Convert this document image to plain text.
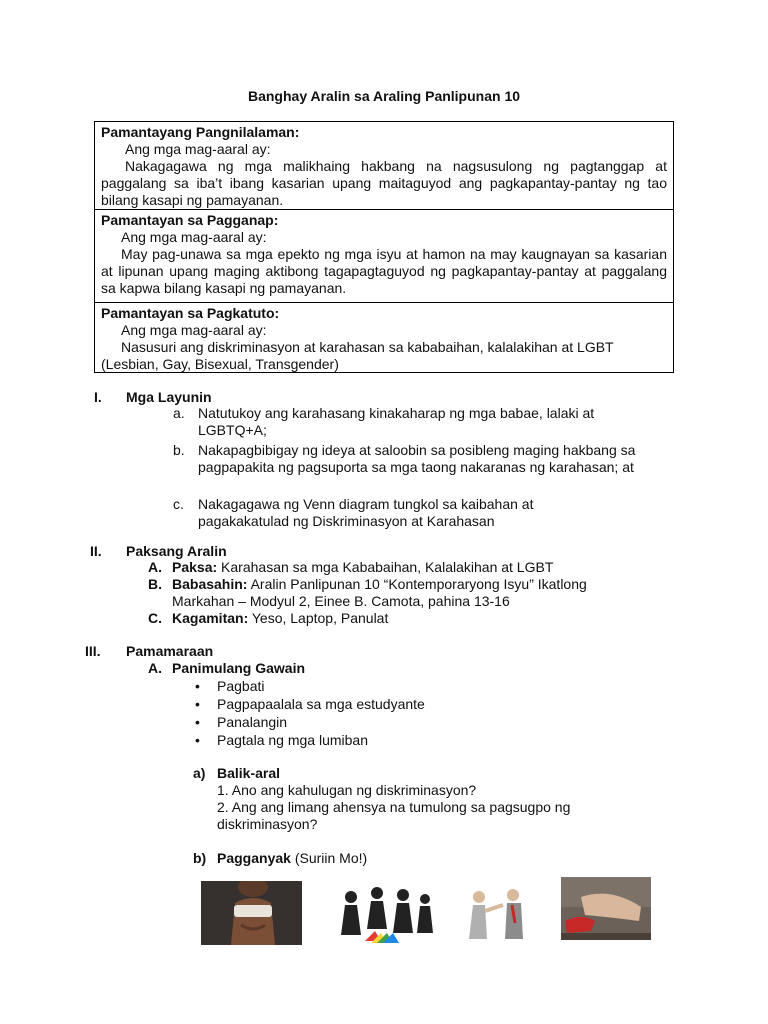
Banghay Aralin sa Araling Panlipunan 10
Pamantayang Pangnilalaman:
Ang mga mag-aaral ay:
Nakagagawa ng mga malikhaing hakbang na nagsusulong ng pagtanggap at paggalang sa iba’t ibang kasarian upang maitaguyod ang pagkapantay-pantay ng tao bilang kasapi ng pamayanan.
Pamantayan sa Pagganap:
Ang mga mag-aaral ay:
May pag-unawa sa mga epekto ng mga isyu at hamon na may kaugnayan sa kasarian at lipunan upang maging aktibong tagapagtaguyod ng pagkapantay-pantay at paggalang sa kapwa bilang kasapi ng pamayanan.
Pamantayan sa Pagkatuto:
Ang mga mag-aaral ay:
Nasusuri ang diskriminasyon at karahasan sa kababaihan, kalalakihan at LGBT (Lesbian, Gay, Bisexual, Transgender)
I.	Mga Layunin
a. Natutukoy ang karahasang kinakaharap ng mga babae, lalaki at LGBTQ+A;
b. Nakapagbibigay ng ideya at saloobin sa posibleng maging hakbang sa pagpapakita ng pagsuporta sa mga taong nakaranas ng karahasan; at
c.	Nakagagawa ng Venn diagram tungkol sa kaibahan at pagakakatulad ng Diskriminasyon at Karahasan
II.	Paksang Aralin
A. Paksa: Karahasan sa mga Kababaihan, Kalalakihan at LGBT
B. Babasahin: Aralin Panlipunan 10 “Kontemporaryong Isyu” Ikatlong
Markahan – Modyul 2, Einee B. Camota, pahina 13-16
C. Kagamitan: Yeso, Laptop, Panulat
III.	Pamamaraan
A. Panimulang Gawain
• Pagbati
• Pagpapaalala sa mga estudyante
• Panalangin
• Pagtala ng mga lumiban
a) Balik-aral
1. Ano ang kahulugan ng diskriminasyon?
2. Ang ang limang ahensya na tumulong sa pagsugpo ng
diskriminasyon?
b) Pagganyak (Suriin Mo!)
